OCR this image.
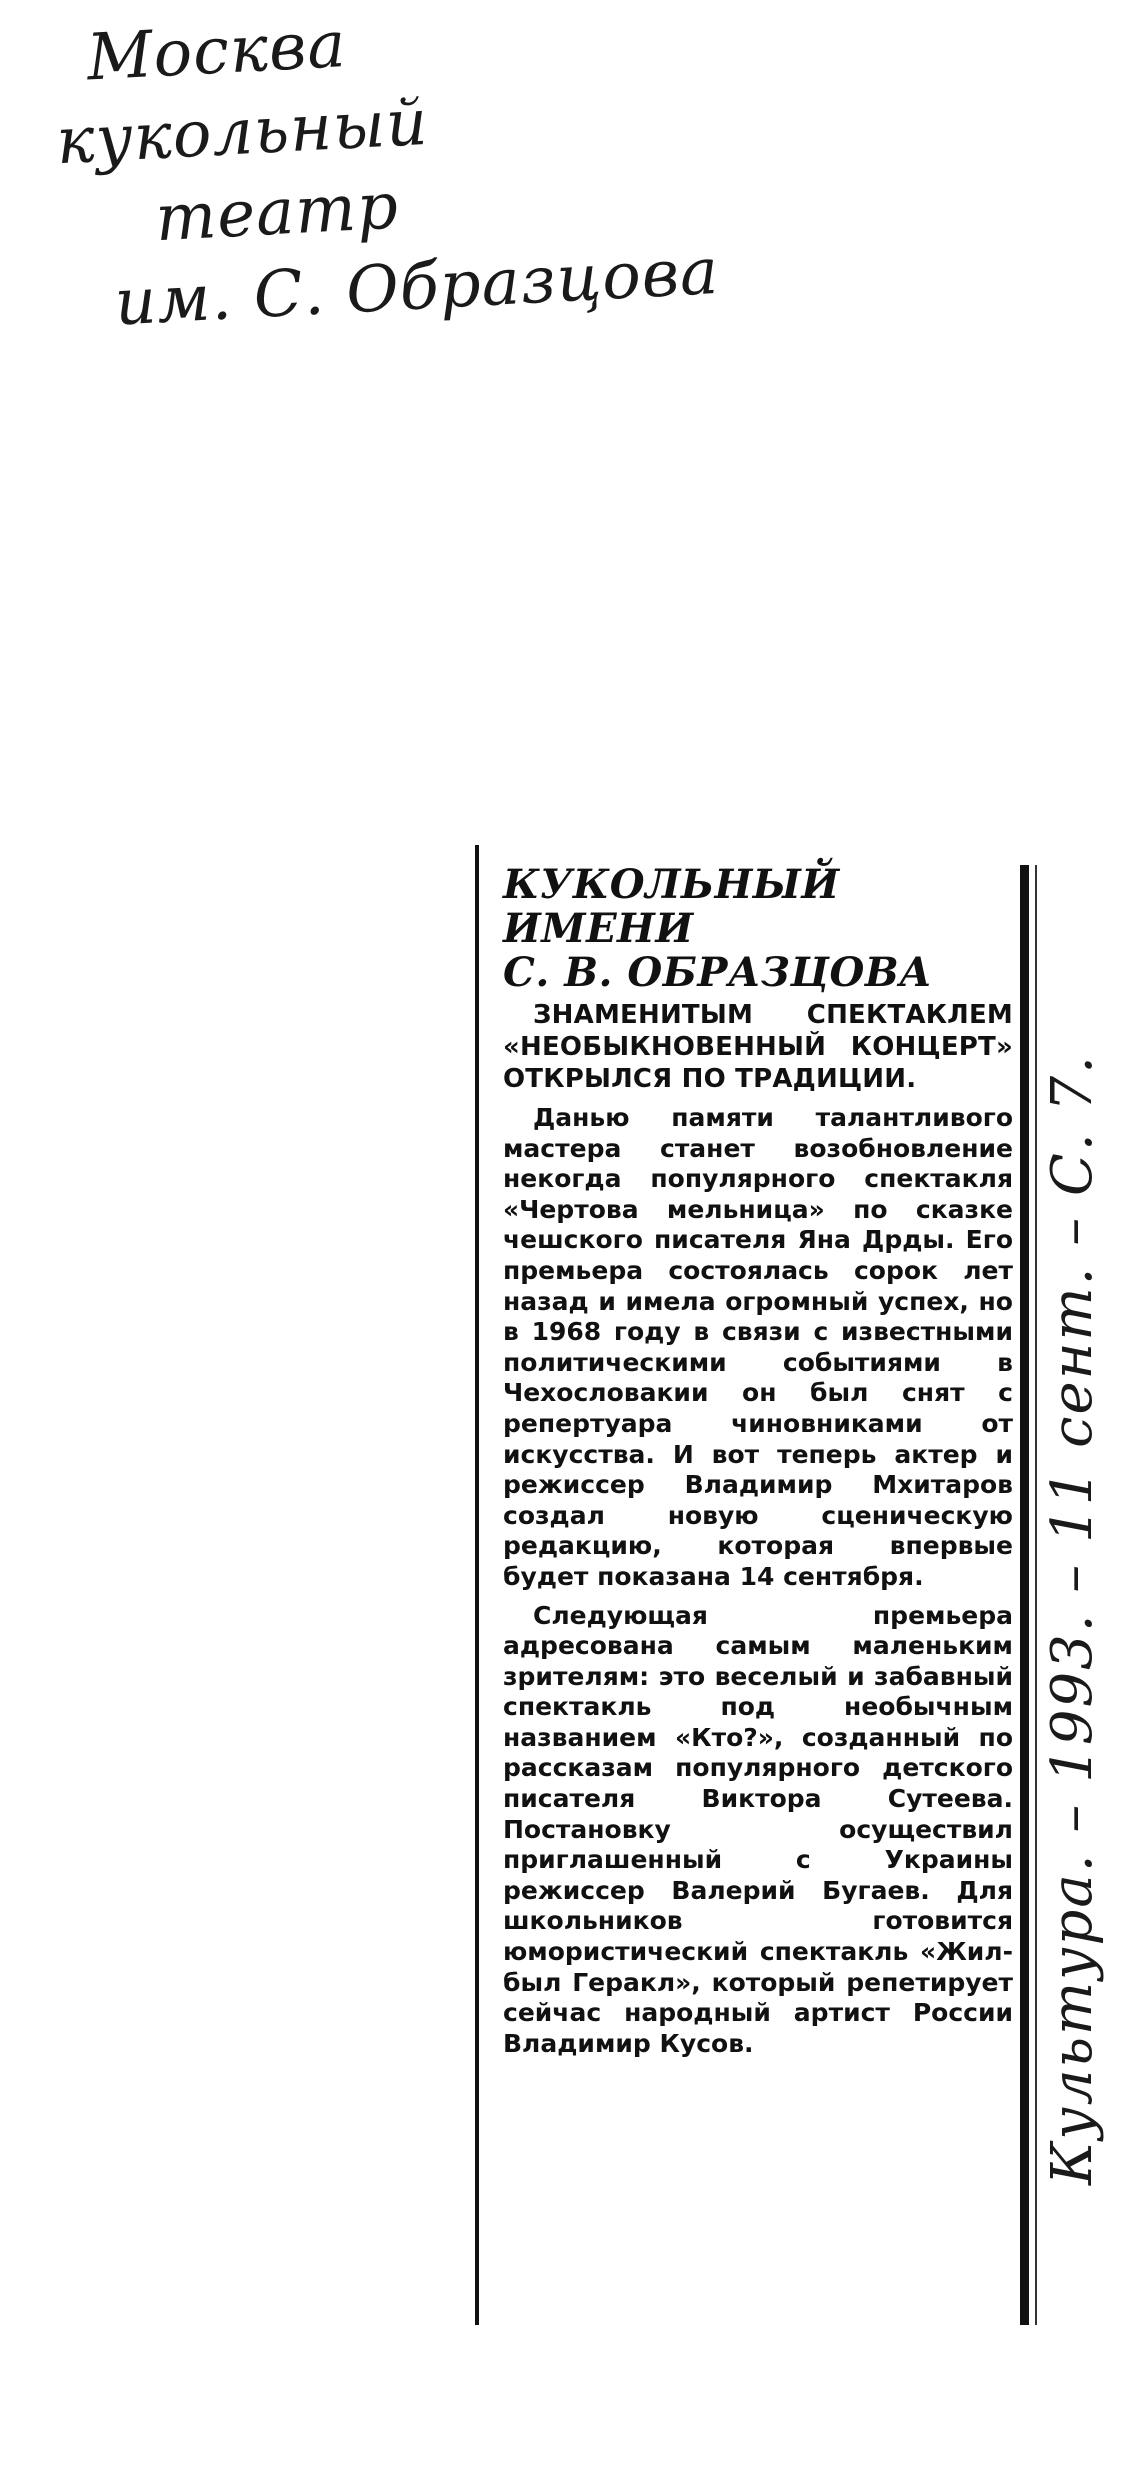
Москва
кукольный
театр
им. С. Образцова
КУКОЛЬНЫЙ
ИМЕНИ
С. В. ОБРАЗЦОВА

ЗНАМЕНИТЫМ СПЕКТАКЛЕМ «НЕОБЫКНОВЕННЫЙ КОНЦЕРТ» ОТКРЫЛСЯ ПО ТРАДИЦИИ.

Данью памяти талантливого мастера станет возобновление некогда популярного спектакля «Чертова мельница» по сказке чешского писателя Яна Дрды. Его премьера состоялась сорок лет назад и имела огромный успех, но в 1968 году в связи с известными политическими событиями в Чехословакии он был снят с репертуара чиновниками от искусства. И вот теперь актер и режиссер Владимир Мхитаров создал новую сценическую редакцию, которая впервые будет показана 14 сентября.

Следующая премьера адресована самым маленьким зрителям: это веселый и забавный спектакль под необычным названием «Кто?», созданный по рассказам популярного детского писателя Виктора Сутеева. Постановку осуществил приглашенный с Украины режиссер Валерий Бугаев. Для школьников готовится юмористический спектакль «Жил-был Геракл», который репетирует сейчас народный артист России Владимир Кусов.	Культура. – 1993. – 11 сент. – С. 7.
